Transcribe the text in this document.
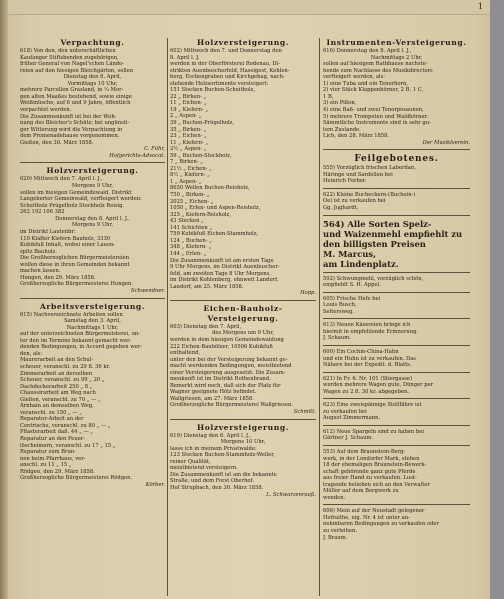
1
Verpachtung.
618) Von den, den unterschäftlichen
Kaufanger Stiftsbenden zugehörigen,
früher General von Nagel'schen Ländo-
reien auf den hiesigen Bleichgärten, sollen
Dienstag den 6. April,
Vormittags 10 Uhr,
mehrere Parcellen Grasland, in ¼ Mor-
gen alten Maaßes bestehend, sowie einige
Weißmüsche, auf 6 und 9 Jahre, öffentlich
verpachtet werden.
Die Zusammenkunft ist bei der Woh-
nung des Bleicher's Schütz; bei ungünsti-
ger Witterung wird die Verpachtung in
dem Promenadehause vorgenommen.
Gießen, den 30. März 1858.
C. Führ,
Hofgerichts-Advocat.
Holzversteigerung.
620) Mittwoch den 7. April l. J.,
Morgens 9 Uhr,
sollen im hiesigen Gemeindewald, Distrikt
Langeberter Gemeinwald, verfteigert werden:
Scheitholz Prügelholz Stockholz Reisig.
262 192 106 382
Donnerstag den 8. April l. J.,
Morgens 9 Uhr,
im Distrikt Lautenbr:
110 Klafter Kiefern Bauholz, 3330
Kubikfuß Inhalt, wobei einer Lauen-
spitz Bauholz.
Die Großherzoglichen Bürgermeistereien
wollen diese in ihren Gemeinden bekannt
machen lassen.
Hungen, den 29. März 1858.
Großherzogliche Bürgermeisterei Hungen.
Schwendner.
Arbeitsversteigerung.
615) Nachverzeichnete Arbeiten sollen
Samstag den 3. April,
Nachmittags 1 Uhr,
auf der unterzeichneten Bürgermeisterei, un-
ter den im Termine bekannt gemacht wer-
denden Bedingungen, in Accord gegeben wer-
den, als:
Maurerarbeit an den Schul-
scheuer, veranschl. zu 29 fl. 36 kr.
Zimmerarbeit an derselben
Scheuer, veranschl. zu 99 „ 20 „
Dachdeckerarbeit 250 „ 8 „
Chaussirarbeit am Weg nach
Gießen, veranschl. zu 70 „ — „
Arnhain an demselben Weg,
veranschl. zu 150 „ — „
Reparatur-Arbeit an der
Centrische, veranschl. zu 80 „ — „
Pflasterarbeit daß. 44 „ — „
Reparatur an den Feuer-
löscheimern, veranschl. zu 17 „ 15 „
Reparatur zum Brun-
nen beim Pfarrhaus, ver-
anschl. zu 11 „ 15 „
Rödgen, den 29. März 1858.
Großherzogliche Bürgermeisterei Rödgen.
Körber.
Holzversteigerung.
602) Mittwoch den 7. und Donnerstag den
8. April l. J.
werden in der Oberförsterei Rodenau, Di-
strikten Auenbuscherfeld, Haselgest, Kohlen-
berg, Eschengraben und Kirchgehag, nach-
stehende Holzsortimente versteigert:
151 Stecken Buchen-Scheitholz,
22 „ Birken- „
11 „ Eichen- „
19 „ Kiefern- „
2 „ Aspen- „
39 „ Buchen-Prügelholz,
35 „ Birken- „
23 „ Eichen- „
11 „ Kiefern- „
2½ „ Aspen- „
59 „ Buchen-Stockholz,
7 „ Birken- „
21½ „ Eichen- „
8½ „ Kiefern- „
1 „ Aspen- „
8650 Wellen Buchen-Reisholz,
750 „ Birken- „
2025 „ Eichen- „
1050 „ Erlen- und Aspen-Reisholz,
325 „ Kiefern-Reisholz,
43 Stecken „
141 Schichten „
759 Kubikfuß Eichen-Stammholz,
124 „ Buchen- „
348 „ Kiefern- „
144 „ Erlen- „
Die Zusammenkunft ist am ersten Tage
9 Uhr Morgens, im Distrikt Auenbuscher-
feld, am zweiten Tage 8 Uhr Morgens,
im Distrikt Kohlenberg, ohnweit Landorf.
Landorf, am 25. März 1858.
Hopp.
Eichen-Bauholz-Versteigerung.
603) Dienstag den 7. April,
des Morgens um 9 Uhr,
werden in dem hiesigen Gemeindewaldung
222 Eichen-Bauhölzer, 10506 Kubikfuß
enthaltend,
unter den bei der Versteigerung bekannt ge-
macht werdenden Bedingungen, meistbietend
einer Versteigerung ausgesetzt. Die Zusam-
menkunft ist im Distrikt Rothenbrand.
Bemerkt wird noch, daß sich der Platz für
Wagner geeignete Hölz befindet.
Wallgriesen, am 27. März 1858.
Großherzogliche Bürgermeisterei Wallgriesen.
Schmitt.
Holzversteigerung.
619) Dienstag den 6. April l. J.,
Morgens 10 Uhr,
lasse ich in meinem Privatwalde:
123 Stecken Buchen-Stammholz-Weller,
reiner Qualität,
meistbietend versteigern.
Die Zusammenkunft ist am die bekannte
Straße, und dem Forst Oberhof.
Hof Strupbach, den 30. März 1858.
L. Schwarzenrauß.
Instrumenten-Versteigerung.
616) Donnerstag den 8. April l. J.,
Nachmittags 2 Uhr,
sollen auf hiesigem Rathhause nachste-
hende zum Nachlasse des Musikdirectors
verfteigert werden, als:
1) eine Tuba und ein Tenorhorn,
2) vier Stück Klappenhörner, 2 B, 1 C,
1 B,
3) ein Pißon,
4) eine Baß- und zwei Tenorposaunen,
5) mehrere Trompeten und Waldhörner.
Sämmtliche Instrumente sind in sehr gu-
tem Zustande.
Lich, den 28. März 1858.
Der Musiklverein.
Feilgebotenes.
555) Vorzüglich frischen Laberdan,
Häringe und Sardellen bei
Heinrich Ferber.
622) Kleine Bucheckern-(Buchein-)
Oel ist zu verkaufen bei
Gg. Jughardt.
564) Alle Sorten Spelz-
und Waizenmehl empfiehlt zu
den billigsten Preisen
M. Marcus,
am Lindenplatz.
592) Schwungmehl, vorzüglich schön,
empfiehlt S. H. Appel.
605) Frische Hefe bei
Louis Busch,
Seltersweg.
613) Neuen Käsereien bringe ich
hiermit in empfehlende Erinnerung.
J. Schaum.
600) Ein Cochin-China-Hahn
und ein Huhn ist zu verkaufen. Das
Nähere bei der Expedit. d. Blatts.
621) In Fr. 6. Nr. 101 (Stiergasse)
werden mehrere Wagen gute, Dünger per
Wagen zu 2 fl. 30 kr. abgegeben.
623) Eine zweispännige Stellfähre ist
zu verkaufen bei
August Zimmermann.
612) Neue Spargeln sind zu haben bei
Gärtner J. Schaum.
553) Auf dem Braunstein-Berg-
werk, in der Londorfer Mark, stehen
18 der ehemaligen Braunstein-Bewerk-
schaft gehörende ganz gute Pferde
aus freier Hand zu verkaufen. Lust-
tragende belieben sich an den Verwalter
Müller auf dem Bergwerk zu
wenden.
606) Mein auf der Neustadt gelegener
Hofraithe, eig. Nr. 4 ist unter an-
nehmbaren Bedingungen zu verkaufen oder
zu verleihen.
J. Braum.
